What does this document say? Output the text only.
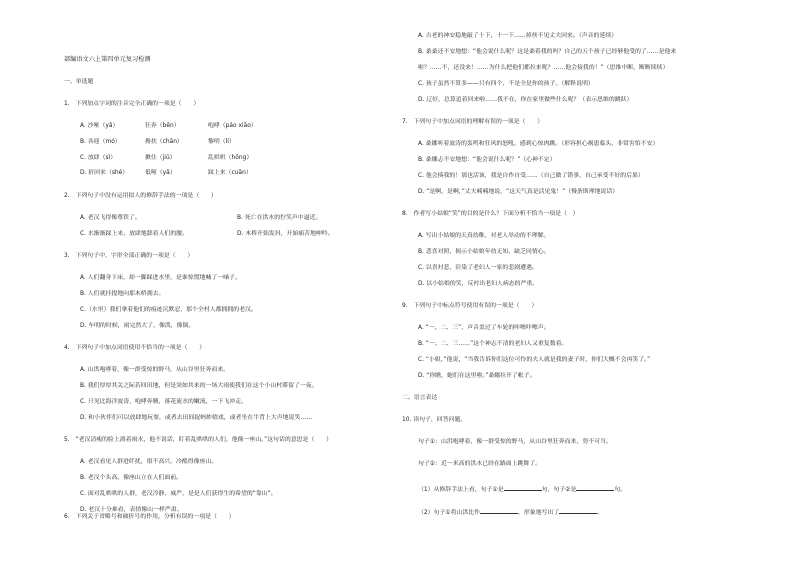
部编语文六上第四单元复习检测
一、单选题
1.　下列加点字词的注音完全正确的一项是（　　）
A. 沙哑（yǎ）	狂奔（bēn）	咆哮（páo xiāo）
B. 各迎（mó）	搀扶（chān）	黎明（lí）
C. 放肆（sì）	揪住（jiū）	乱哄哄（hōng）
D. 折回来（shé）	低哑（yǎ）	踩上来（cuān）
2.　下列句子中没有运用拟人的修辞手法的一项是（　　）
A. 老汉飞得像尊铁了。	B. 死亡在洪水的狞笑声中逼近。
C. 水渐渐踩上来，放肆地舔着人们的腰。	D. 木桥开始发抖，开始痛苦地呻吟。
3.　下列句子中，字形全部正确的一项是（　　）
A. 人们翻身下床，却一脚踩进水里，是谁惊慌地喊了一嗓子。
B. 人们就挂提地向那木桥拥去。
C.（水里）我们拿着他们的痕迹沉默忍，那个全村人都拥拥的老汉。
D. 车明的时候，雨完然大了，像泼，像倒。
4.　下列句子中加点词语使用不恰当的一项是（　　）
A. 山洪咆哮着，像一群受惊的野马，从山谷里狂奔而来。
B. 我们厚厚其关之际若回田地，但是突如其来的一场大雨使我们在这个小山村滞留了一夜。
C. 只见比海洋波涛，咆哮奔腾，落花流水的嫩流，一下飞冲走。
D. 和小伙伴们可以放肆地玩耍，或者去田间捉蚂蚱嬉戏，或者坐在牛背上大声地说笑……
5.　“老汉清瘦的脸上淌着雨水，他不说话，盯着乱哄哄的人们，他像一座山。”这句话的意思是（　　）
A. 老汉看见人群进纤扰，很不高兴，冷酷得像座山。
B. 老汉个头高，像座山立在人们面前。
C. 面对乱哄哄的人群，老汉冷静、威严，是是人们获得生的希望的“靠山”。
D. 老汉十分难看，表情像山一样严肃。
6.　下列关于省略号和破折号的作用，分析有误的一项是（　　）
A. 吉老的神安稳地敲了十下，十一下……掉丝不见丈夫回来。（声音的延续）
B. 桑桑还不安地想：“他会说什么呢？这是桑着我的吗？自己的五个孩子已经够他受的了……是他来
啦？……不，还没来！……为什么把他们都拉来呢？……他会接我的！”（思维中断，断断续续）
C. 孩子虽然不算多——只有四个，不是全是你的孩子。（解释说明）
D. 辽好，总算追着回来啦……我不在，你在家里做些什么呢？（表示思维的跳跃）
7.　下列句子中加点词语的理解有误的一项是（　　）
A. 桑娜听着波涛的轰鸣和狂风的怒吼，感到心惊肉跳。（形容担心祸患临头，非常害怕不安）
B. 桑娜忐不安地想：“他会说什么呢？”（心神不定）
C. 他会揍我的！那也活该，我是自作自受……（自己做了错事，自己承受不好的后果）
D. “是啊，是啊，”丈夫喃喃地说，“这天气真是活见鬼！”（慢条斯理地说话）
8.　作者写小姑娘“笑”的目的是什么？下面分析不恰当一项是（　）
A. 写出小姑娘的天真幼稚，对老人举动的不理解。
B. 悲喜对照，揭示小姑娘年幼无知，缺乏同情心。
C. 以喜衬悲，渲染了老妇人一家的悲剧遭遇。
D. 以小姑娘的笑，反衬出老妇人病态的严重。
9.　下列句子中标点符号使用有误的一项是（　　）
A. “一、二、三”，声音盖过了车轮的咔嚓咔嚓声。
B. “一、二、三……”这个神志不清的老妇人又重复数着。
C. “小姐，”他说，“当我告诉你们这位可怜的夫人就是我的妻子时，你们大概不会再笑了。”
D. “你瞧，她们在这里啦。”桑娜拉开了帐子。
二、语言表达
10. 读句子，回答问题。
句子①：山洪咆哮着，像一群受惊的野马，从山谷里狂奔而来，势不可当。
句子②：近一米高的洪水已经在路面上跳舞了。
（1）从修辞手法上看，句子①是	句，句子②是	句。
（2）句子①将山洪比作	，形象地写出了	。
